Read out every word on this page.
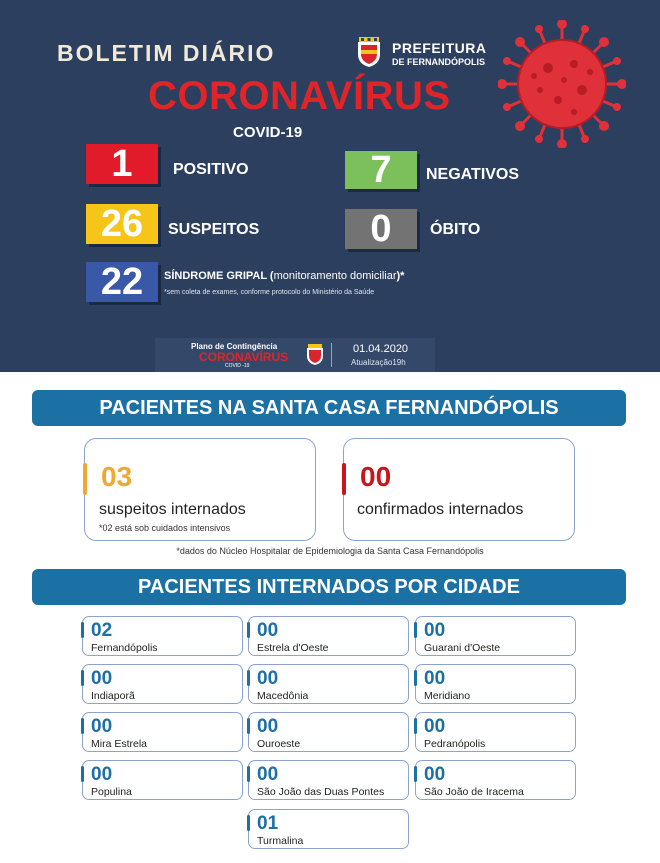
BOLETIM DIÁRIO	PREFEITURA
DE FERNANDÓPOLIS
CORONAVÍRUS
COVID-19
1	POSITIVO	7	NEGATIVOS
26	SUSPEITOS	0	ÓBITO
22	SÍNDROME GRIPAL (monitoramento domiciliar)*
*sem coleta de exames, conforme protocolo do Ministério da Saúde
Plano de Contingência
CORONAVÍRUS
COVID -19
01.04.2020
Atualização19h
PACIENTES NA SANTA CASA FERNANDÓPOLIS
03
suspeitos internados
*02 está sob cuidados intensivos
00
confirmados internados
*dados do Núcleo Hospitalar de Epidemiologia da Santa Casa Fernandópolis
PACIENTES INTERNADOS POR CIDADE
02
Fernandópolis
00
Estrela d'Oeste
00
Guarani d'Oeste
00
Indiaporã
00
Macedônia
00
Meridiano
00
Mira Estrela
00
Ouroeste
00
Pedranópolis
00
Populina
00
São João das Duas Pontes
00
São João de Iracema
01
Turmalina
